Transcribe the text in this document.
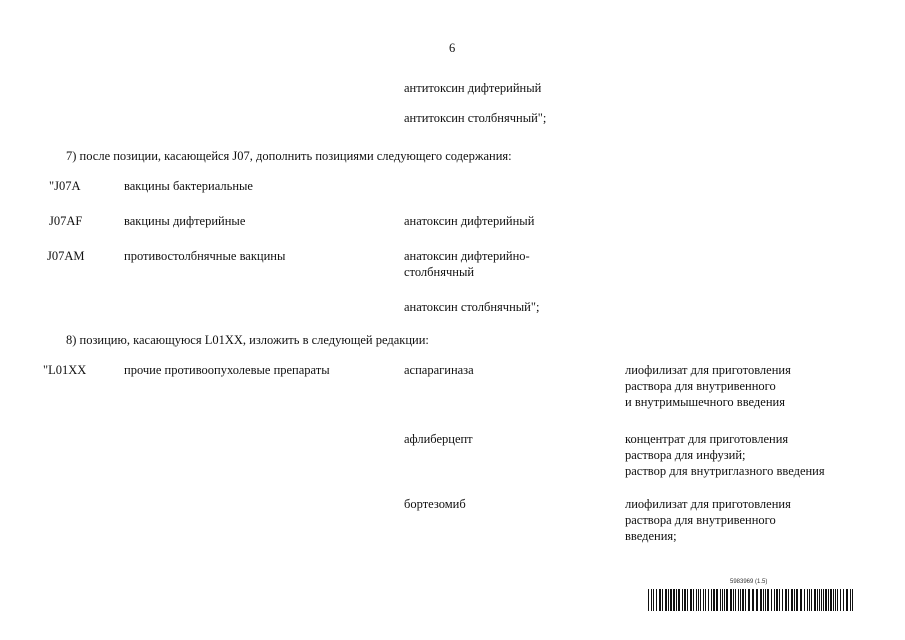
6
антитоксин дифтерийный
антитоксин столбнячный";
7) после позиции, касающейся J07, дополнить позициями следующего содержания:
"J07A	вакцины бактериальные
J07AF	вакцины дифтерийные	анатоксин дифтерийный
J07AM	противостолбнячные вакцины	анатоксин дифтерийно-
столбнячный
анатоксин столбнячный";
8) позицию, касающуюся L01XX, изложить в следующей редакции:
"L01XX	прочие противоопухолевые препараты	аспарагиназа	лиофилизат для приготовления
раствора для внутривенного
и внутримышечного введения
афлиберцепт	концентрат для приготовления
раствора для инфузий;
раствор для внутриглазного введения
бортезомиб	лиофилизат для приготовления
раствора для внутривенного
введения;
5983969 (1.5)
